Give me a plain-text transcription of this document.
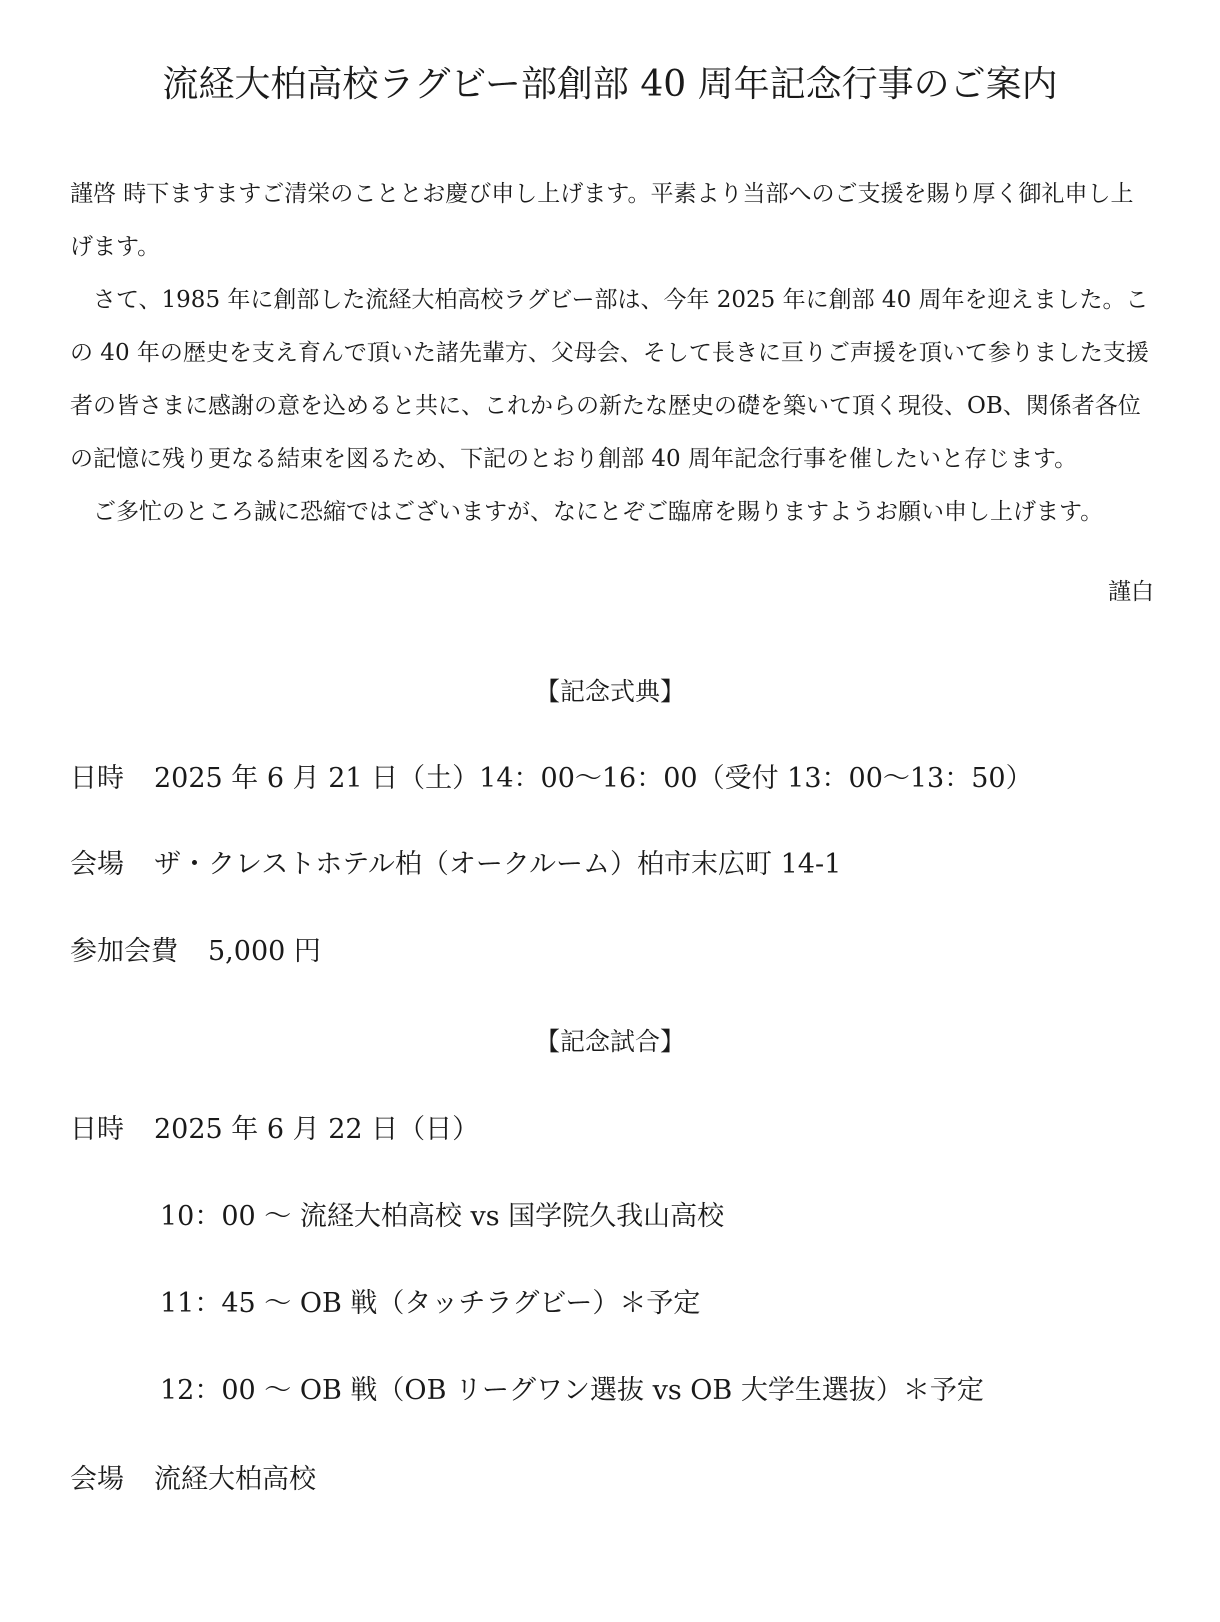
流経大柏高校ラグビー部創部 40 周年記念行事のご案内

謹啓 時下ますますご清栄のこととお慶び申し上げます。平素より当部へのご支援を賜り厚く御礼申し上げます。

さて、1985 年に創部した流経大柏高校ラグビー部は、今年 2025 年に創部 40 周年を迎えました。この 40 年の歴史を支え育んで頂いた諸先輩方、父母会、そして長きに亘りご声援を頂いて参りました支援者の皆さまに感謝の意を込めると共に、これからの新たな歴史の礎を築いて頂く現役、OB、関係者各位の記憶に残り更なる結束を図るため、下記のとおり創部 40 周年記念行事を催したいと存じます。

ご多忙のところ誠に恐縮ではございますが、なにとぞご臨席を賜りますようお願い申し上げます。

謹白
【記念式典】
日時 2025 年 6 月 21 日（土）14：00〜16：00（受付 13：00〜13：50）
会場 ザ・クレストホテル柏（オークルーム）柏市末広町 14-1
参加会費 5,000 円
【記念試合】
日時 2025 年 6 月 22 日（日）
10：00 〜 流経大柏高校 vs 国学院久我山高校
11：45 〜 OB 戦（タッチラグビー）＊予定
12：00 〜 OB 戦（OB リーグワン選抜 vs OB 大学生選抜）＊予定
会場 流経大柏高校
